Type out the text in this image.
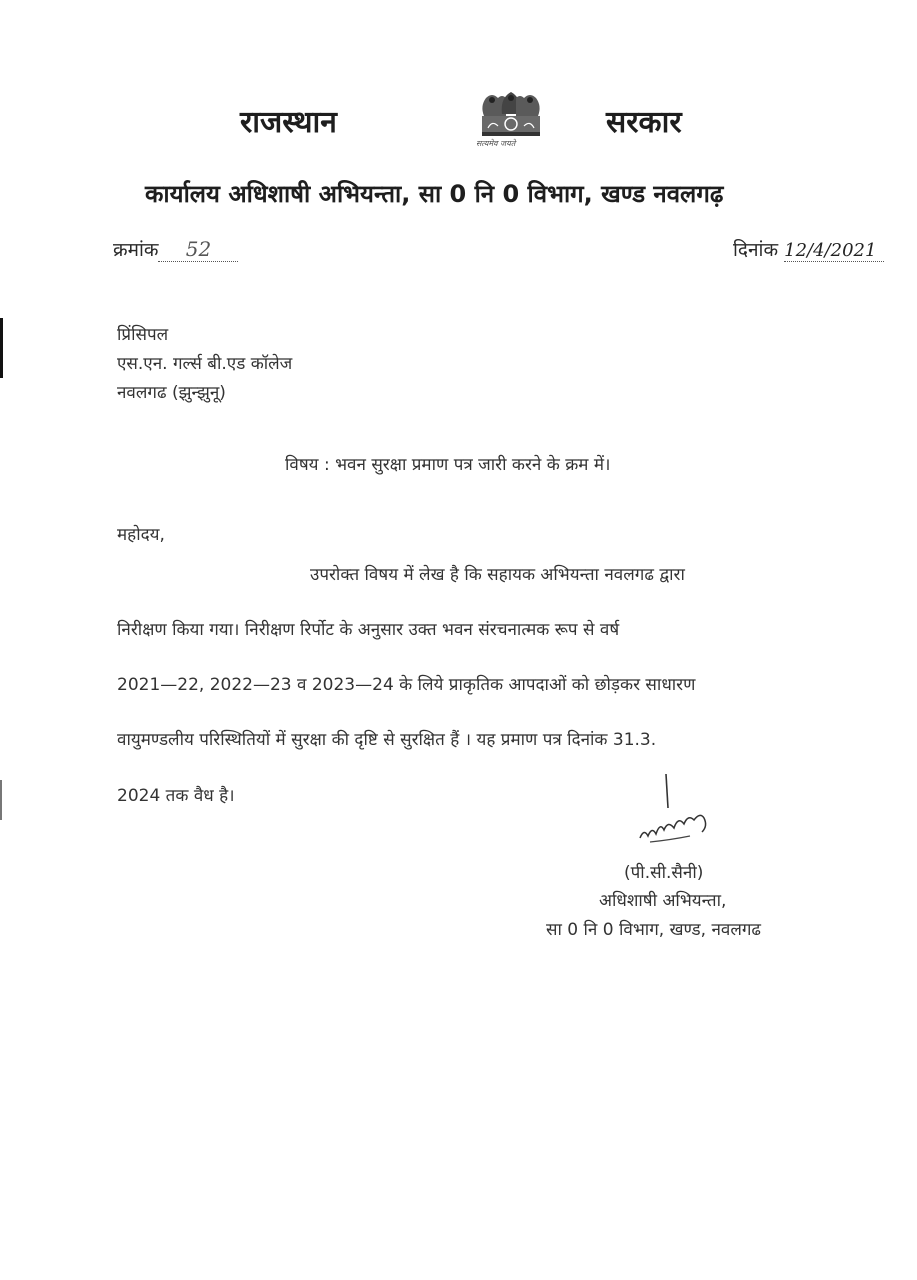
राजस्थान
सत्यमेव जयते
सरकार
कार्यालय अधिशाषी अभियन्ता, सा 0 नि 0 विभाग, खण्ड नवलगढ़
क्रमांक 52	दिनांक 12/4/2021
प्रिंसिपल
एस.एन. गर्ल्स बी.एड कॉलेज
नवलगढ (झुन्झुनू)
विषय : भवन सुरक्षा प्रमाण पत्र जारी करने के क्रम में।
महोदय,
उपरोक्त विषय में लेख है कि सहायक अभियन्ता नवलगढ द्वारा
निरीक्षण किया गया। निरीक्षण रिर्पोट के अनुसार उक्त भवन संरचनात्मक रूप से वर्ष
2021—22, 2022—23 व 2023—24 के लिये प्राकृतिक आपदाओं को छोड़कर साधारण
वायुमण्डलीय परिस्थितियों में सुरक्षा की दृष्टि से सुरक्षित हैं । यह प्रमाण पत्र दिनांक 31.3.
2024 तक वैध है।
(पी.सी.सैनी)
अधिशाषी अभियन्ता,
सा 0 नि 0 विभाग, खण्ड, नवलगढ
